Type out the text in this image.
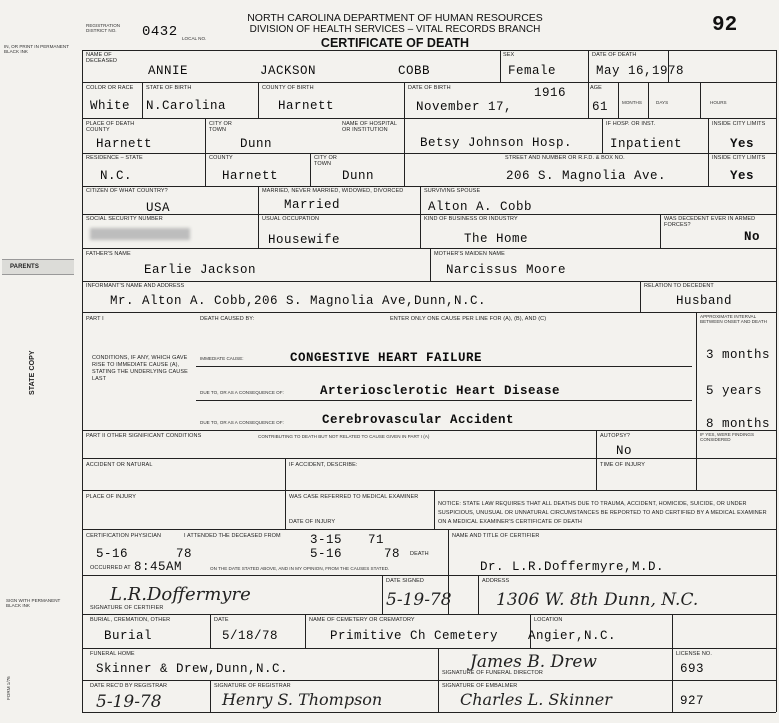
IN, OR PRINT IN PERMANENT BLACK INK
PARENTS
STATE COPY
SIGN WITH PERMANENT BLACK INK
FORM 1/76
REGISTRATION DISTRICT NO.	0432 LOCAL NO.
NORTH CAROLINA DEPARTMENT OF HUMAN RESOURCES
DIVISION OF HEALTH SERVICES – VITAL RECORDS BRANCH
CERTIFICATE OF DEATH
92
NAME OF DECEASED
ANNIE	JACKSON	COBB
SEX
Female
DATE OF DEATH
May 16,1978
COLOR OR RACE
White
STATE OF BIRTH
N.Carolina
COUNTY OF BIRTH
Harnett
DATE OF BIRTH	1916
November 17,
AGE
61	MONTHS	DAYS	HOURS
PLACE OF DEATH COUNTY
Harnett
CITY OR TOWN
Dunn
NAME OF HOSPITAL OR INSTITUTION
Betsy Johnson Hosp.
IF HOSP. OR INST.
Inpatient
INSIDE CITY LIMITS
Yes
RESIDENCE – STATE
N.C.
COUNTY
Harnett
CITY OR TOWN
Dunn
STREET AND NUMBER OR R.F.D. & BOX NO.
206 S. Magnolia Ave.
INSIDE CITY LIMITS
Yes
CITIZEN OF WHAT COUNTRY?
USA
MARRIED, NEVER MARRIED, WIDOWED, DIVORCED
Married
SURVIVING SPOUSE
Alton A. Cobb
SOCIAL SECURITY NUMBER	USUAL OCCUPATION
Housewife
KIND OF BUSINESS OR INDUSTRY
The Home
WAS DECEDENT EVER IN ARMED FORCES?
No
FATHER'S NAME
Earlie Jackson
MOTHER'S MAIDEN NAME
Narcissus Moore
INFORMANT'S NAME AND ADDRESS
Mr. Alton A. Cobb,206 S. Magnolia Ave,Dunn,N.C.
RELATION TO DECEDENT
Husband
PART I	DEATH CAUSED BY:	ENTER ONLY ONE CAUSE PER LINE FOR (A), (B), AND (C)	APPROXIMATE INTERVAL BETWEEN ONSET AND DEATH
CONDITIONS, IF ANY, WHICH GAVE RISE TO IMMEDIATE CAUSE (A), STATING THE UNDERLYING CAUSE LAST
IMMEDIATE CAUSE:	CONGESTIVE HEART FAILURE	3 months
DUE TO, OR AS A CONSEQUENCE OF:	Arteriosclerotic Heart Disease	5 years
DUE TO, OR AS A CONSEQUENCE OF:	Cerebrovascular Accident	8 months
PART II OTHER SIGNIFICANT CONDITIONS	CONTRIBUTING TO DEATH BUT NOT RELATED TO CAUSE GIVEN IN PART I (A)	AUTOPSY?
No
IF YES, WERE FINDINGS CONSIDERED
ACCIDENT OR NATURAL	IF ACCIDENT, DESCRIBE:	TIME OF INJURY
PLACE OF INJURY	WAS CASE REFERRED TO MEDICAL EXAMINER
DATE OF INJURY
NOTICE: STATE LAW REQUIRES THAT ALL DEATHS DUE TO TRAUMA, ACCIDENT, HOMICIDE, SUICIDE, OR UNDER SUSPICIOUS, UNUSUAL OR UNNATURAL CIRCUMSTANCES BE REPORTED TO AND CERTIFIED BY A MEDICAL EXAMINER ON A MEDICAL EXAMINER'S CERTIFICATE OF DEATH
CERTIFICATION PHYSICIAN	I ATTENDED THE DECEASED FROM 3-15 71
5-16	78	5-16	78 DEATH
OCCURRED AT 8:45AM	ON THE DATE STATED ABOVE, AND IN MY OPINION, FROM THE CAUSES STATED.
NAME AND TITLE OF CERTIFIER
Dr. L.R.Doffermyre,M.D.
SIGNATURE OF CERTIFIER
L.R.Doffermyre
DATE SIGNED
5-19-78
ADDRESS
1306 W. 8th Dunn, N.C.
BURIAL, CREMATION, OTHER
Burial
DATE
5/18/78
NAME OF CEMETERY OR CREMATORY
Primitive Ch Cemetery
LOCATION
Angier,N.C.
FUNERAL HOME
Skinner & Drew,Dunn,N.C.	SIGNATURE OF FUNERAL DIRECTOR
James B. Drew	LICENSE NO.
693
DATE REC'D BY REGISTRAR
5-19-78
SIGNATURE OF REGISTRAR
Henry S. Thompson
SIGNATURE OF EMBALMER
Charles L. Skinner	927
